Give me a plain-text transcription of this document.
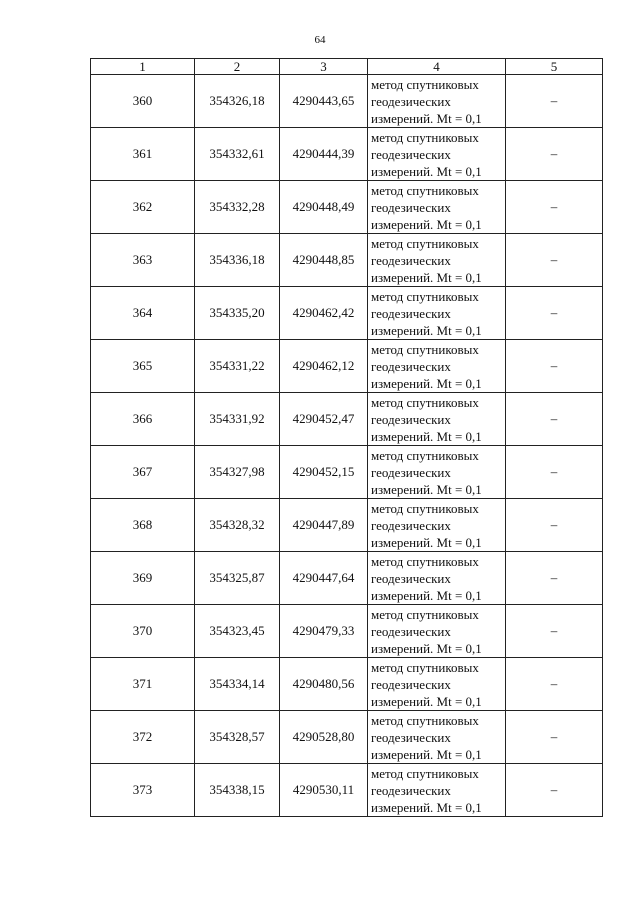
64
1	2	3	4	5
360	354326,18	4290443,65	метод спутниковых
геодезических
измерений. Mt = 0,1	–
361	354332,61	4290444,39	метод спутниковых
геодезических
измерений. Mt = 0,1	–
362	354332,28	4290448,49	метод спутниковых
геодезических
измерений. Mt = 0,1	–
363	354336,18	4290448,85	метод спутниковых
геодезических
измерений. Mt = 0,1	–
364	354335,20	4290462,42	метод спутниковых
геодезических
измерений. Mt = 0,1	–
365	354331,22	4290462,12	метод спутниковых
геодезических
измерений. Mt = 0,1	–
366	354331,92	4290452,47	метод спутниковых
геодезических
измерений. Mt = 0,1	–
367	354327,98	4290452,15	метод спутниковых
геодезических
измерений. Mt = 0,1	–
368	354328,32	4290447,89	метод спутниковых
геодезических
измерений. Mt = 0,1	–
369	354325,87	4290447,64	метод спутниковых
геодезических
измерений. Mt = 0,1	–
370	354323,45	4290479,33	метод спутниковых
геодезических
измерений. Mt = 0,1	–
371	354334,14	4290480,56	метод спутниковых
геодезических
измерений. Mt = 0,1	–
372	354328,57	4290528,80	метод спутниковых
геодезических
измерений. Mt = 0,1	–
373	354338,15	4290530,11	метод спутниковых
геодезических
измерений. Mt = 0,1	–
